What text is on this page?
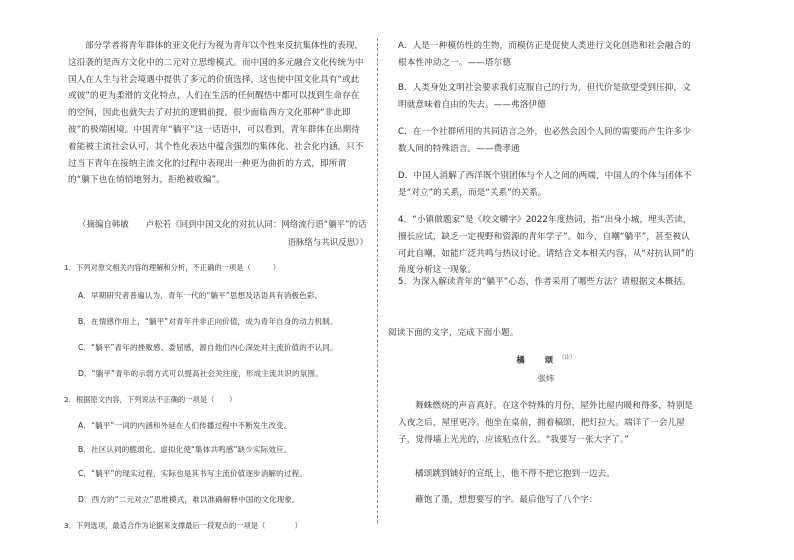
部分学者将青年群体的亚文化行为视为青年以个性来反抗集体性的表现，这沿袭的是西方文化中的二元对立思维模式。而中国的多元融合文化传统为中国人在人生与社会境遇中提供了多元的价值选择，这也使中国文化具有“或此或彼”的更为柔滑的文化特点，人们在生活的任何醒悟中都可以找到生命存在的空间，因此也就失去了对抗的逻辑前提，很少面临西方文化那种“非此即彼”的极端困境。中国青年“躺平”这一话语中，可以看到，青年群体在出期待着能被主流社会认可，其个性化表达中蕴含强烈的集体化、社会化内涵，只不过当下青年在接纳主流文化的过程中表现出一种更为曲折的方式，即所谓的“躺下也在悄悄地努力，拒绝被收编”。
（摘编自韩敏　　卢松若《回到中国文化的对抗认同：网络流行语“躺平”的话
语脉络与共识反思》）
1．下列对原文相关内容的理解和分析，不正确的一项是（　　　）
A．早期研究者普遍认为，青年一代的“躺平”思想及话语具有消极色彩。
B．在情感作用上，“躺平”对青年并非正向价值，成为青年自身的动力机制。
C．“躺平”青年的挫败感、委屈感，源自他们内心深处对主流价值的不认同。
D．“躺平”青年的示弱方式可以提高社会关注度，形成主流共识的氛围。
2．根据原文内容，下列说法不正确的一项是（　　）
A．“躺平”一词的内涵和外延在人们传播过程中不断发生改变。
B．社区认同的脆弱化、虚拟化使“集体共鸣感”缺少实际效应。
C．“躺平”的现实过程，实际也是其书写主流价值逐步消解的过程。
D．西方的“二元对立”思维模式，难以准确解释中国的文化现象。
3．下列选项，最适合作为论据来支撑最后一段观点的一项是（　　　　）
A．人是一种模仿性的生物，而模仿正是促使人类进行文化创造和社会融合的根本性冲动之一。——塔尔德
B．人类身处文明社会要求我们克服自己的行为，但代价是欲望受到压抑，文明就意味着自由的失去。——弗洛伊德
C．在一个社群所用的共同语言之外，也必然会因个人间的需要而产生许多少数人间的特殊语言。——费孝通
D．中国人消解了西洋既个别团体与个人之间的两端，中国人的个体与团体不是“对立”的关系，而是“关系”的关系。
4．“小镇做题家”是《咬文嚼字》2022年度热词，指“出身小城，埋头苦读，擅长应试，缺乏一定视野和资源的青年学子”。如今，自嘲“躺平”，甚至被认可此自嘲，如能广泛共鸣与热议讨论。请结合文本相关内容，从“对抗认同”的角度分析这一现象。
5．为深入解读青年的“躺平”心态，作者采用了哪些方法？请根据文本概括。
阅读下面的文字，完成下面小题。
橘　颂$^{(注)}$
张炜
舞蛛燃烧的声音真好。在这个特殊的月份，屋外比屋内暖和得多，特别是入夜之后，屋里更冷。他坐在桌前，拥着稿颂，把灯拉大。端详了一会儿屋子，觉得墙上光光的，应该贴点什么。“我要写一张大字了。”
橘颂跳到铺好的宣纸上，他不得不把它抱到一边去。
蘸饱了墨，想想要写的字。最后他写了八个字：
